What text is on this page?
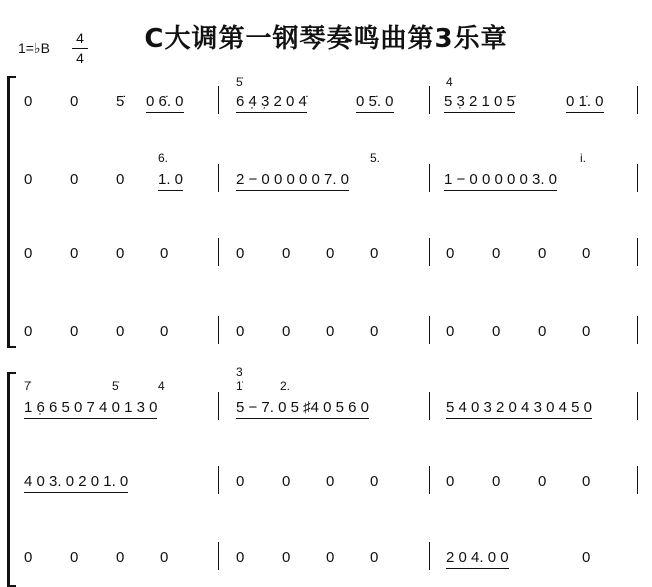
C大调第一钢琴奏鸣曲第3乐章
1=♭B
4
4
0	0	5̇ 0 6̇. 0	6 4̣ 3̣ 2 0 4̇	0 5̇. 0	5 3̣ 2 1 0 5̇	0 1̇. 0
5̇	4
6.	5.	i.
0	0	0 1. 0	2 − 0 0 0 0 0 7. 0	1 − 0 0 0 0 0 3. 0
0	0	0 0	0	0 0 0	0	0	0 0
0	0	0 0	0	0 0 0	0	0	0 0
7̇	5̇	4
3
1̇	2.
1 6̣ 6 5 0 7 4 0 1 3 0	5 − 7. 0 5 ♯4 0 5 6 0	5 4 0 3 2 0 4 3 0 4 5 0
4 0 3. 0 2 0 1. 0	0	0 0 0	0	0	0 0
0	0	0 0	0	0 0 0	2 0 4. 0 0	0
